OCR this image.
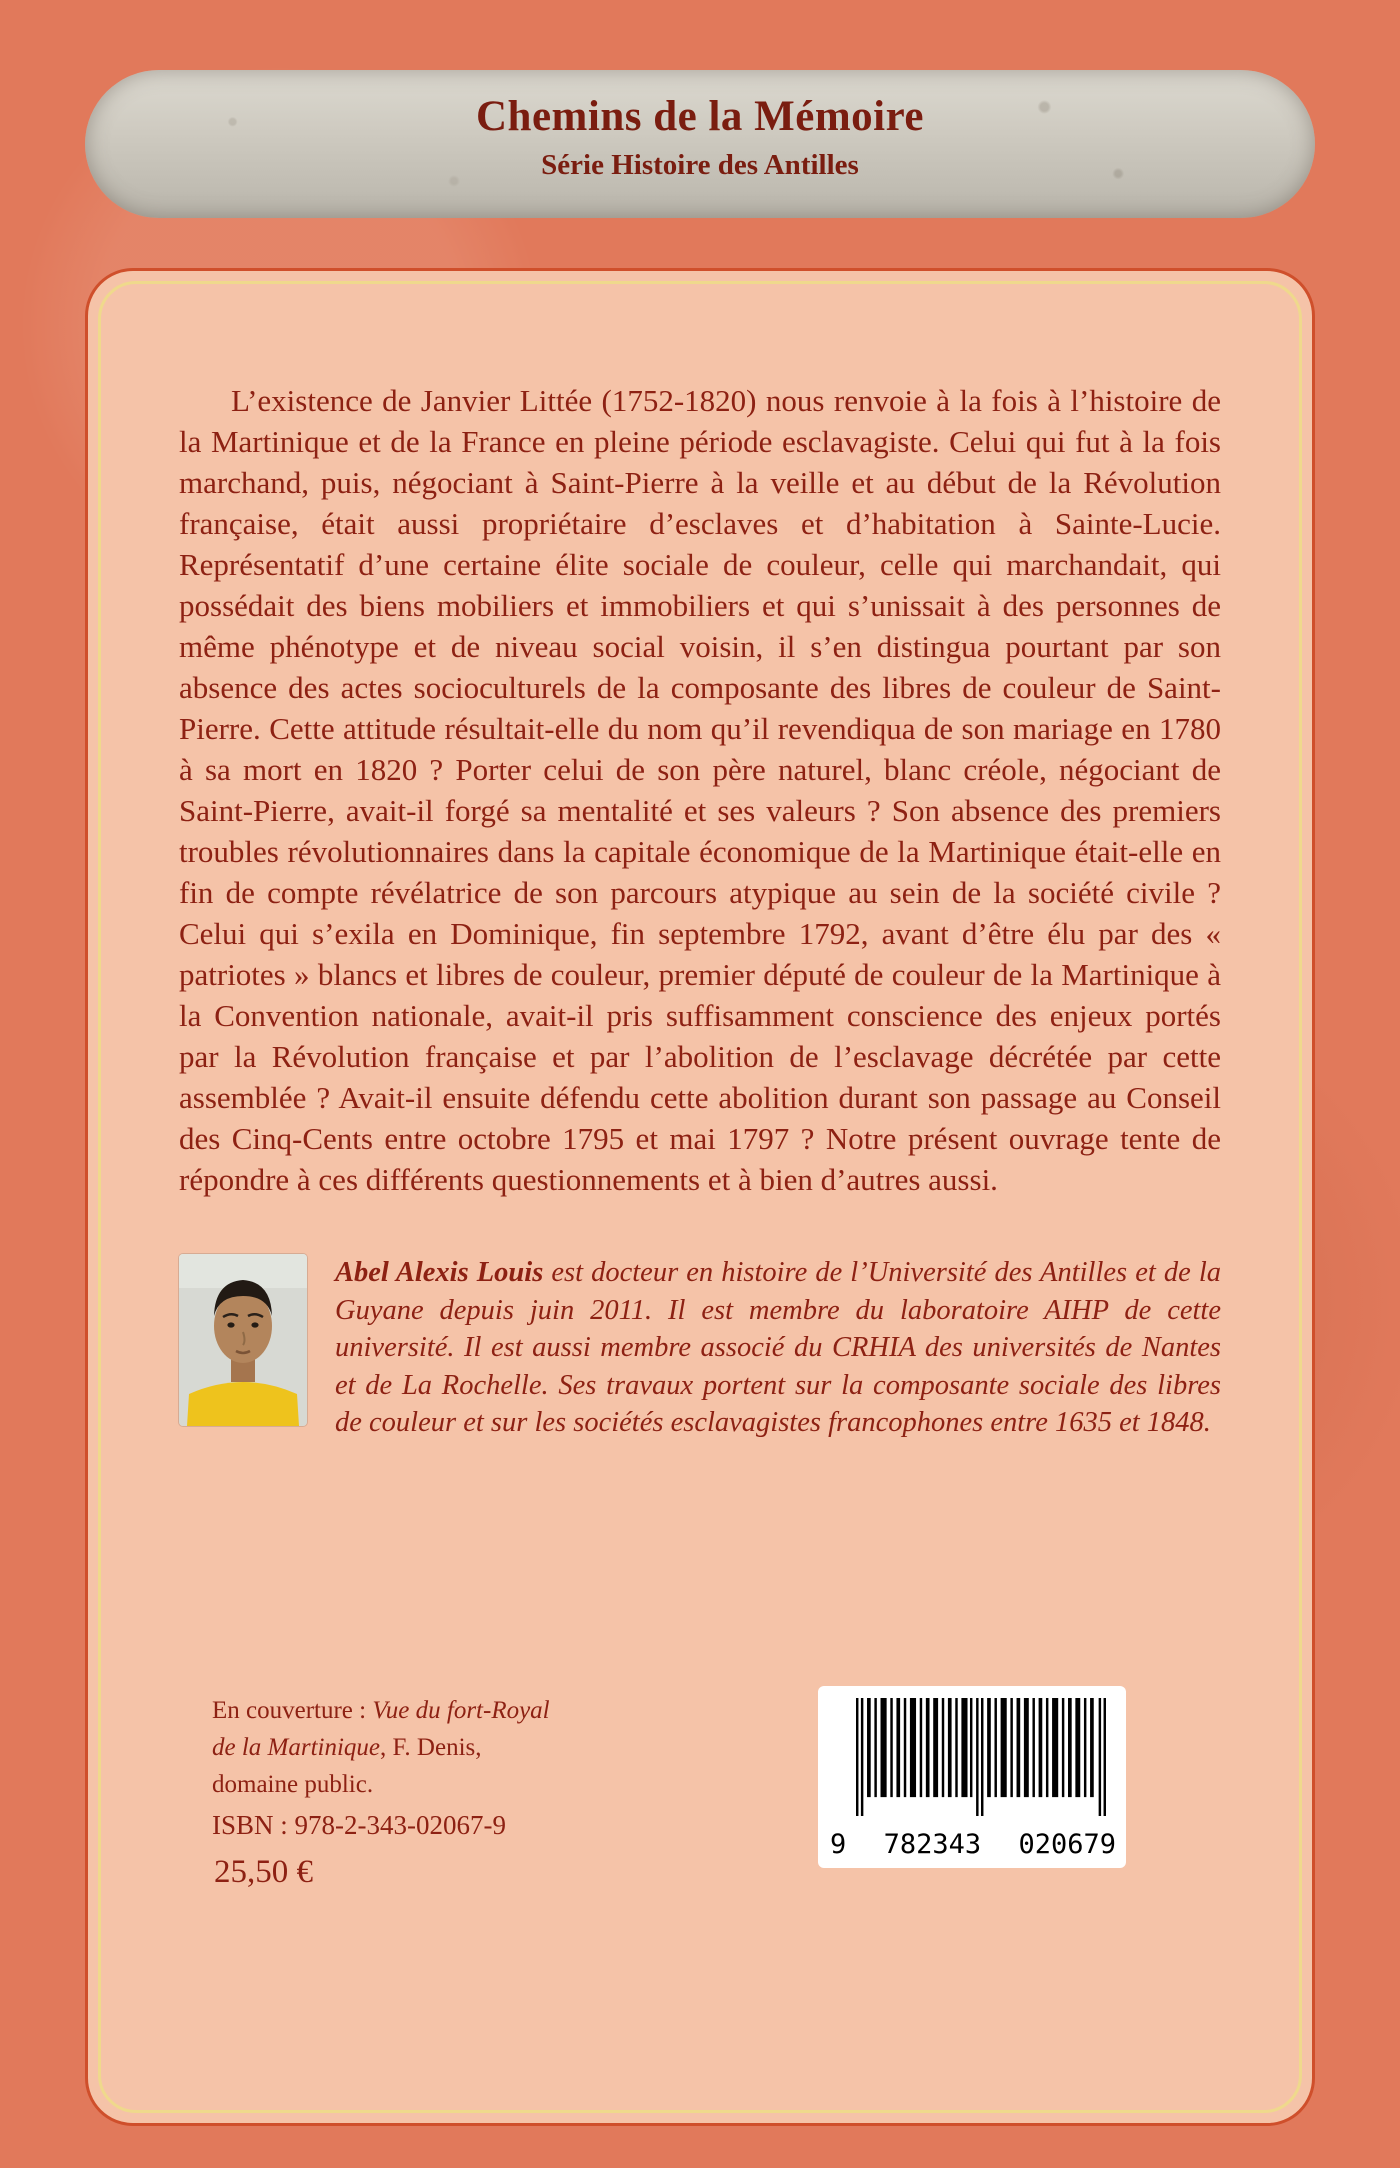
Chemins de la Mémoire
Série Histoire des Antilles

L’existence de Janvier Littée (1752-1820) nous renvoie à la fois à l’histoire de la Martinique et de la France en pleine période esclavagiste. Celui qui fut à la fois marchand, puis, négociant à Saint-Pierre à la veille et au début de la Révolution française, était aussi propriétaire d’esclaves et d’habitation à Sainte-Lucie. Représentatif d’une certaine élite sociale de couleur, celle qui marchandait, qui possédait des biens mobiliers et immobiliers et qui s’unissait à des personnes de même phénotype et de niveau social voisin, il s’en distingua pourtant par son absence des actes socioculturels de la composante des libres de couleur de Saint-Pierre. Cette attitude résultait-elle du nom qu’il revendiqua de son mariage en 1780 à sa mort en 1820 ? Porter celui de son père naturel, blanc créole, négociant de Saint-Pierre, avait-il forgé sa mentalité et ses valeurs ? Son absence des premiers troubles révolutionnaires dans la capitale économique de la Martinique était-elle en fin de compte révélatrice de son parcours atypique au sein de la société civile ? Celui qui s’exila en Dominique, fin septembre 1792, avant d’être élu par des « patriotes » blancs et libres de couleur, premier député de couleur de la Martinique à la Convention nationale, avait-il pris suffisamment conscience des enjeux portés par la Révolution française et par l’abolition de l’esclavage décrétée par cette assemblée ? Avait-il ensuite défendu cette abolition durant son passage au Conseil des Cinq-Cents entre octobre 1795 et mai 1797 ? Notre présent ouvrage tente de répondre à ces différents questionnements et à bien d’autres aussi.

Abel Alexis Louis est docteur en histoire de l’Université des Antilles et de la Guyane depuis juin 2011. Il est membre du laboratoire AIHP de cette université. Il est aussi membre associé du CRHIA des universités de Nantes et de La Rochelle. Ses travaux portent sur la composante sociale des libres de couleur et sur les sociétés esclavagistes francophones entre 1635 et 1848.

En couverture : Vue du fort-Royal de la Martinique, F. Denis, domaine public.

ISBN : 978-2-343-02067-9

25,50 €

9 782343 020679
